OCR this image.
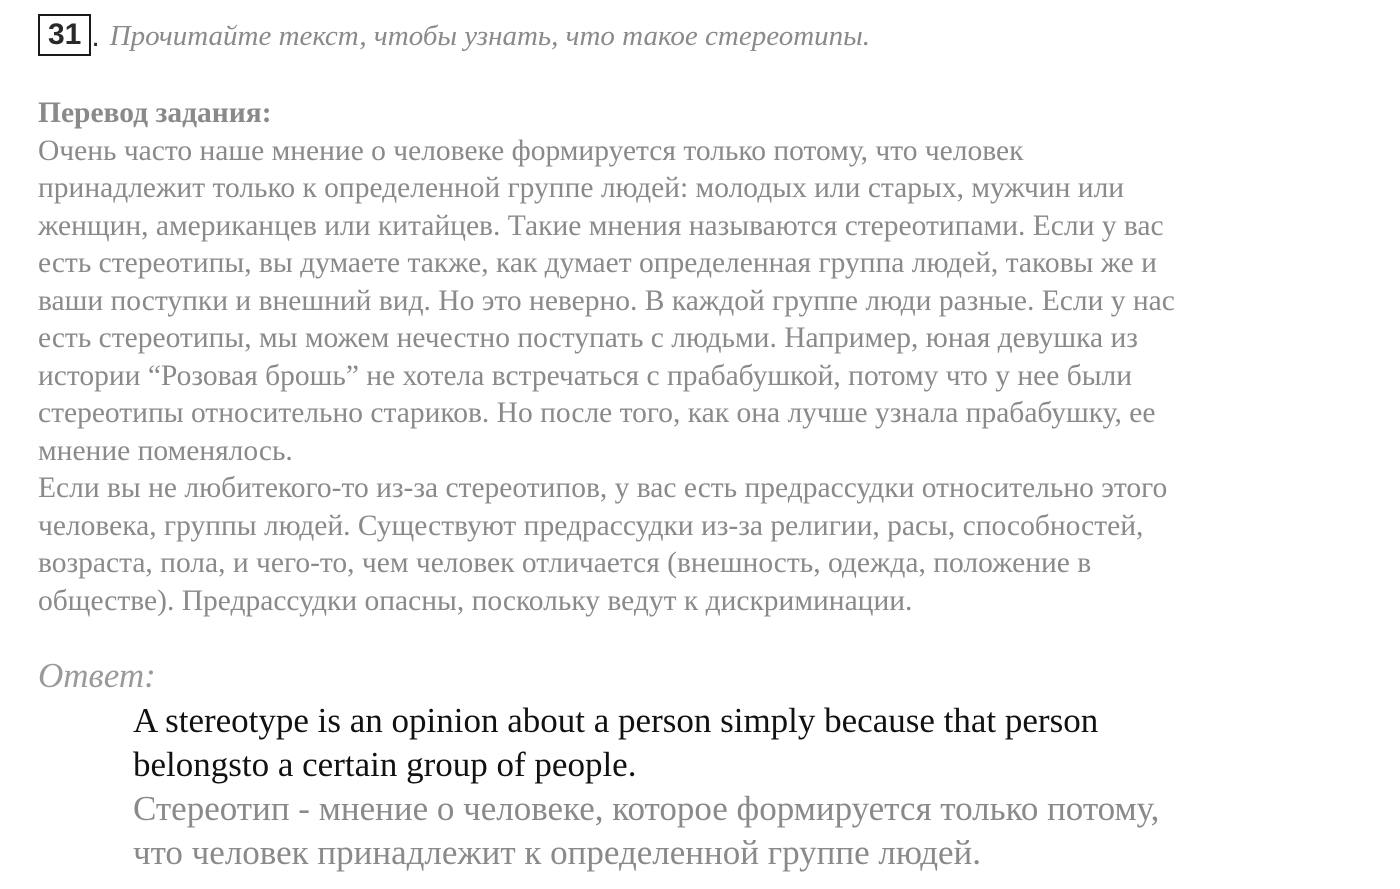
31 . Прочитайте текст, чтобы узнать, что такое стереотипы.
Перевод задания:

Очень часто наше мнение о человеке формируется только потому, что человек
принадлежит только к определенной группе людей: молодых или старых, мужчин или
женщин, американцев или китайцев. Такие мнения называются стереотипами. Если у вас
есть стереотипы, вы думаете также, как думает определенная группа людей, таковы же и
ваши поступки и внешний вид. Но это неверно. В каждой группе люди разные. Если у нас
есть стереотипы, мы можем нечестно поступать с людьми. Например, юная девушка из
истории “Розовая брошь” не хотела встречаться с прабабушкой, потому что у нее были
стереотипы относительно стариков. Но после того, как она лучше узнала прабабушку, ее
мнение поменялось.

Если вы не любитекого-то из-за стереотипов, у вас есть предрассудки относительно этого
человека, группы людей. Существуют предрассудки из-за религии, расы, способностей,
возраста, пола, и чего-то, чем человек отличается (внешность, одежда, положение в
обществе). Предрассудки опасны, поскольку ведут к дискриминации.

Ответ:

A stereotype is an opinion about a person simply because that person
belongsto a certain group of people.

Стереотип - мнение о человеке, которое формируется только потому,
что человек принадлежит к определенной группе людей.
